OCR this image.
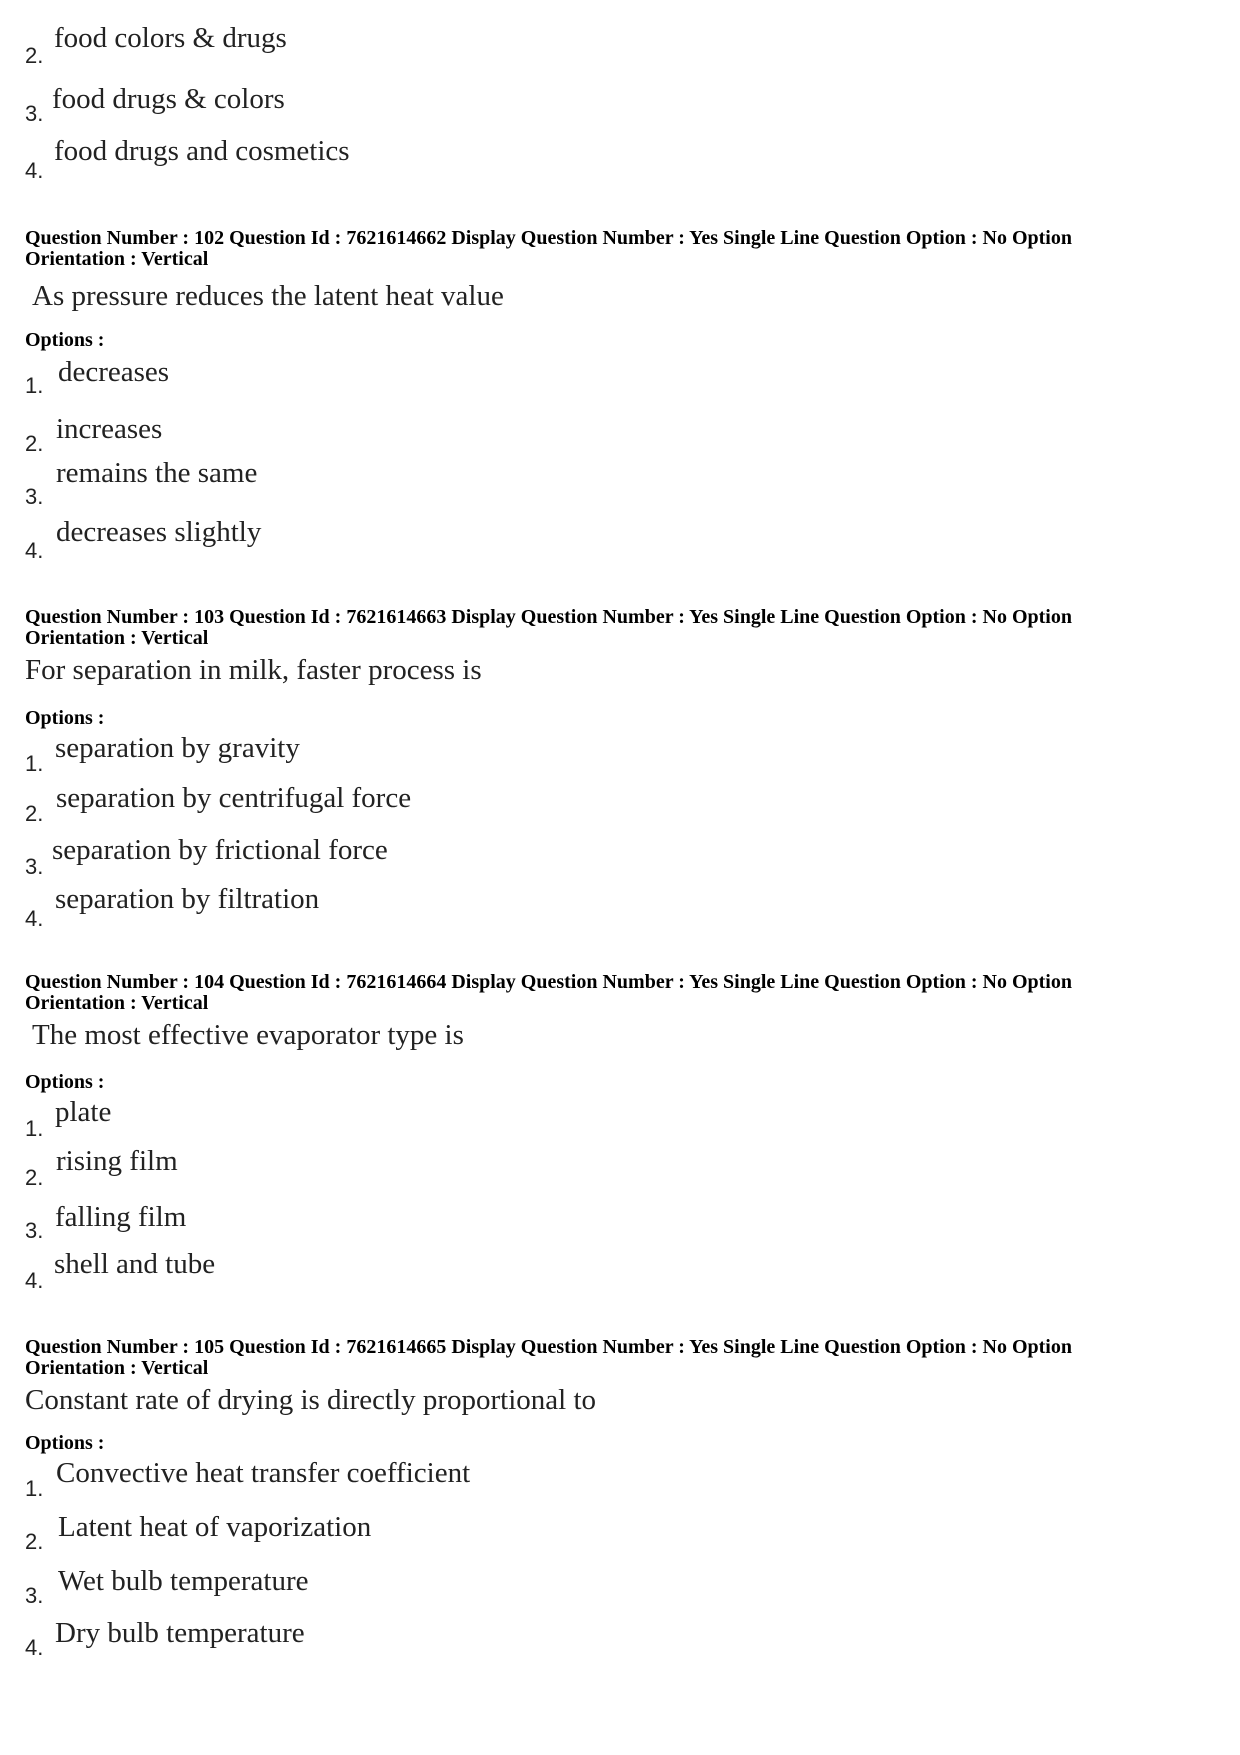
2.
food colors & drugs
3. food drugs & colors
4.
food drugs and cosmetics
Question Number : 102 Question Id : 7621614662 Display Question Number : Yes Single Line Question Option : No Option
Orientation : Vertical
As pressure reduces the latent heat value
Options :
1. decreases
2. increases
3.
remains the same
4.
decreases slightly
Question Number : 103 Question Id : 7621614663 Display Question Number : Yes Single Line Question Option : No Option
Orientation : Vertical
For separation in milk, faster process is
Options :
1. separation by gravity
2. separation by centrifugal force
3.
separation by frictional force
4.
separation by filtration
Question Number : 104 Question Id : 7621614664 Display Question Number : Yes Single Line Question Option : No Option
Orientation : Vertical
The most effective evaporator type is
Options :
1.
plate
2.
rising film
3. falling film
4.
shell and tube
Question Number : 105 Question Id : 7621614665 Display Question Number : Yes Single Line Question Option : No Option
Orientation : Vertical
Constant rate of drying is directly proportional to
Options :
1. Convective heat transfer coefficient
2. Latent heat of vaporization
3. Wet bulb temperature
4. Dry bulb temperature
